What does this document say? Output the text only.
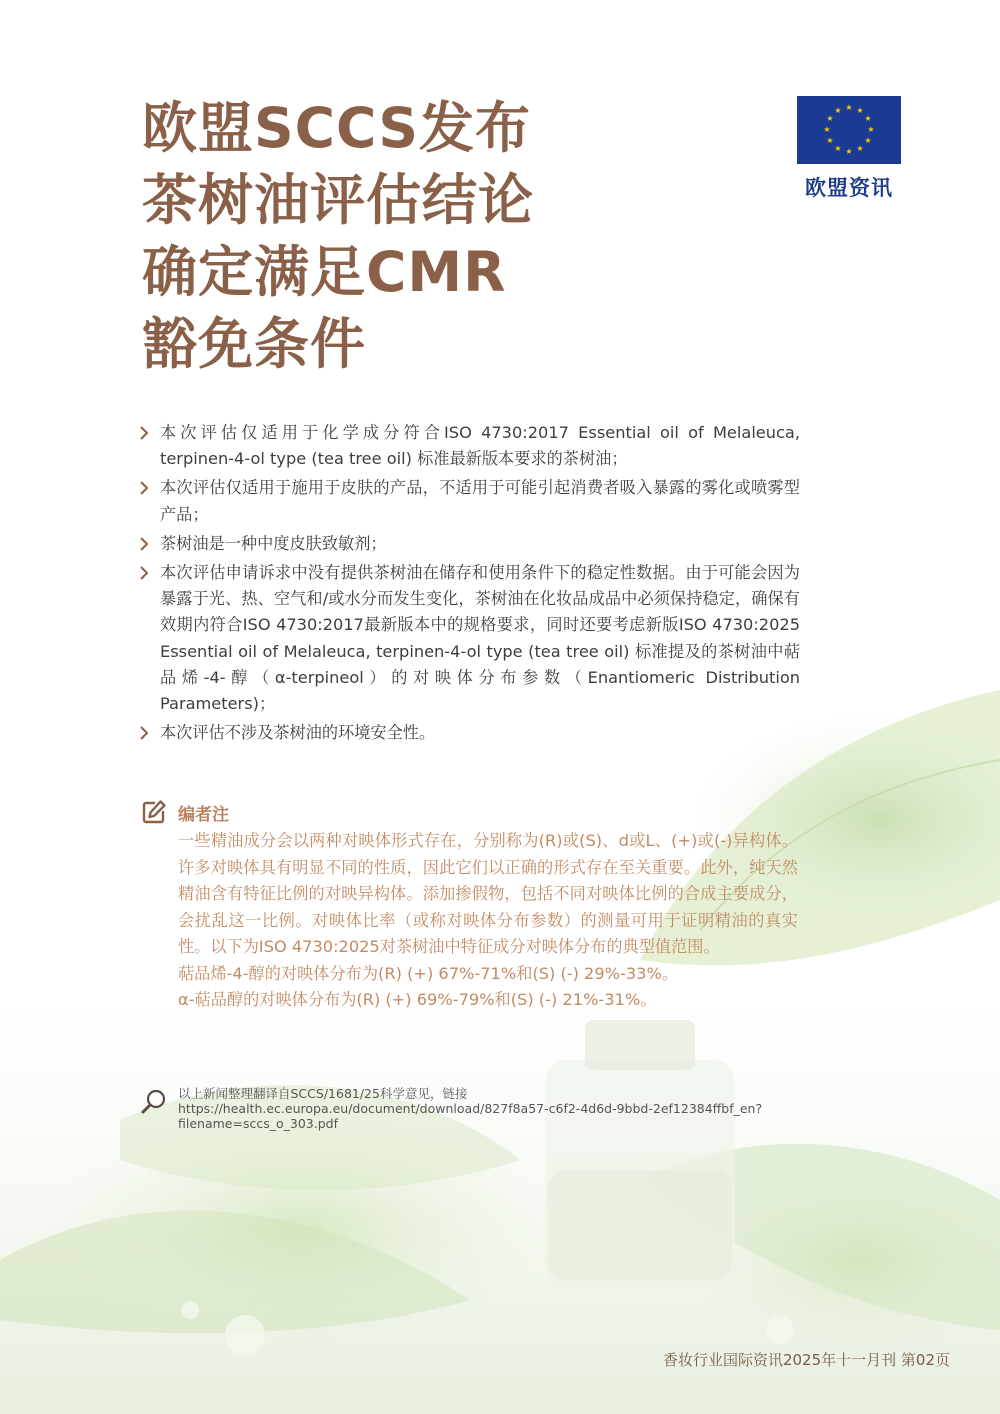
欧盟SCCS发布
茶树油评估结论
确定满足CMR
豁免条件
★ ★
★
★
★
★
★
★
★
★
★
★
欧盟资讯
本次评估仅适用于化学成分符合ISO 4730:2017 Essential oil of Melaleuca, terpinen-4-ol type (tea tree oil) 标准最新版本要求的茶树油；
本次评估仅适用于施用于皮肤的产品，不适用于可能引起消费者吸入暴露的雾化或喷雾型产品；
茶树油是一种中度皮肤致敏剂；
本次评估申请诉求中没有提供茶树油在储存和使用条件下的稳定性数据。由于可能会因为暴露于光、热、空气和/或水分而发生变化，茶树油在化妆品成品中必须保持稳定，确保有效期内符合ISO 4730:2017最新版本中的规格要求，同时还要考虑新版ISO 4730:2025 Essential oil of Melaleuca, terpinen-4-ol type (tea tree oil) 标准提及的茶树油中萜品烯-4-醇（α-terpineol）的对映体分布参数（Enantiomeric Distribution Parameters)；
本次评估不涉及茶树油的环境安全性。
编者注
一些精油成分会以两种对映体形式存在，分别称为(R)或(S)、d或L、(+)或(-)异构体。许多对映体具有明显不同的性质，因此它们以正确的形式存在至关重要。此外，纯天然精油含有特征比例的对映异构体。添加掺假物，包括不同对映体比例的合成主要成分，会扰乱这一比例。对映体比率（或称对映体分布参数）的测量可用于证明精油的真实性。以下为ISO 4730:2025对茶树油中特征成分对映体分布的典型值范围。
萜品烯-4-醇的对映体分布为(R) (+) 67%-71%和(S) (-) 29%-33%。
α-萜品醇的对映体分布为(R) (+) 69%-79%和(S) (-) 21%-31%。
以上新闻整理翻译自SCCS/1681/25科学意见，链接
https://health.ec.europa.eu/document/download/827f8a57-c6f2-4d6d-9bbd-2ef12384ffbf_en?
filename=sccs_o_303.pdf
香妆行业国际资讯2025年十一月刊 第02页
